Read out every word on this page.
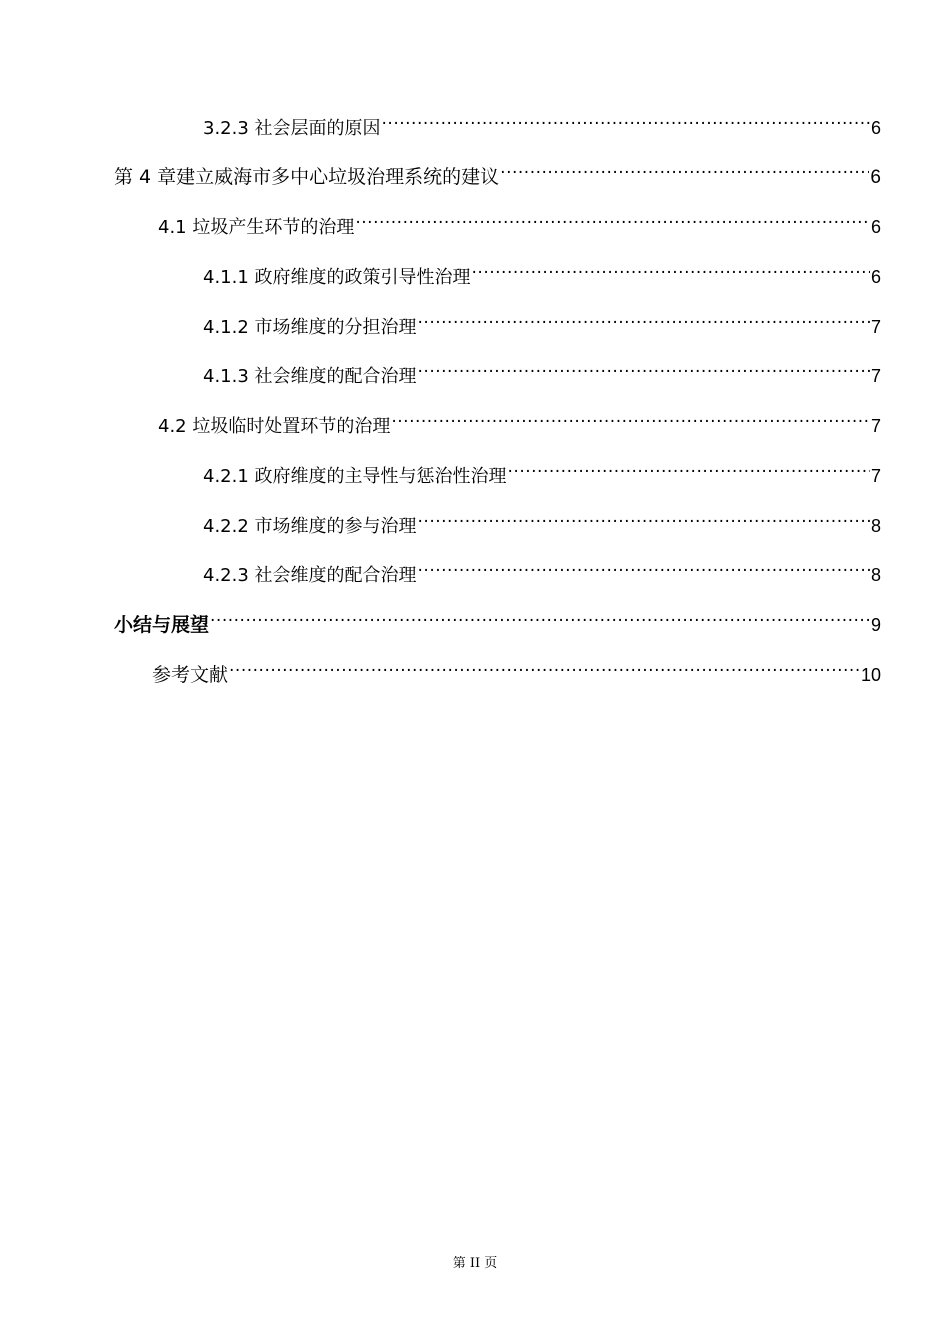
3.2.3 社会层面的原因 .....	6
第 4 章建立威海市多中心垃圾治理系统的建议 .....	6
4.1 垃圾产生环节的治理 .....	6
4.1.1 政府维度的政策引导性治理 .....	6
4.1.2 市场维度的分担治理 .....	7
4.1.3 社会维度的配合治理 .....	7
4.2 垃圾临时处置环节的治理 .....	7
4.2.1 政府维度的主导性与惩治性治理 .....	7
4.2.2 市场维度的参与治理 .....	8
4.2.3 社会维度的配合治理 .....	8
小结与展望 .....	9
参考文献 .....	10
第 II 页
